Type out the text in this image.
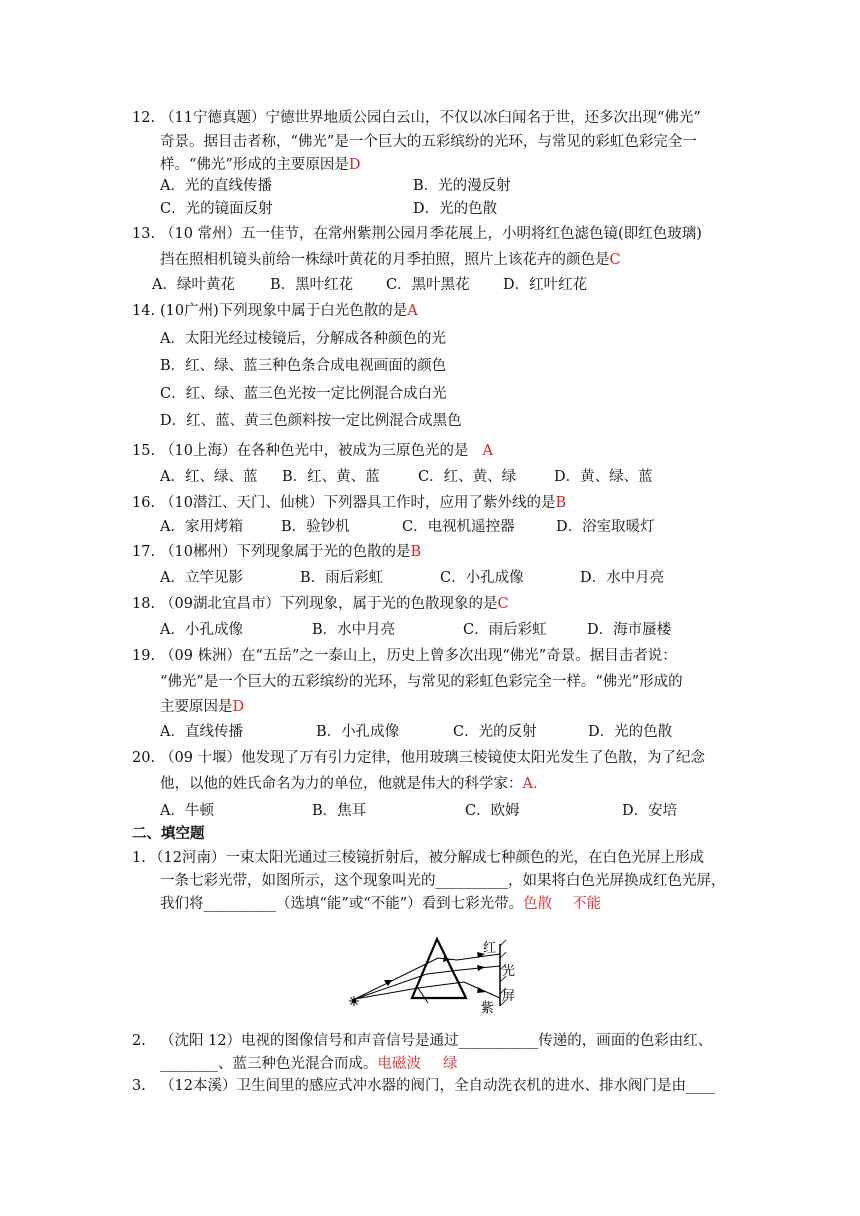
12. （11宁德真题）宁德世界地质公园白云山，不仅以冰臼闻名于世，还多次出现“佛光”
奇景。据目击者称，“佛光”是一个巨大的五彩缤纷的光环，与常见的彩虹色彩完全一
样。“佛光”形成的主要原因是D
A．光的直线传播	B．光的漫反射
C．光的镜面反射	D．光的色散
13. （10 常州）五一佳节，在常州紫荆公园月季花展上，小明将红色滤色镜(即红色玻璃)
挡在照相机镜头前给一株绿叶黄花的月季拍照，照片上该花卉的颜色是C
A．绿叶黄花 B．黑叶红花 C．黑叶黑花 D．红叶红花
14. (10广州)下列现象中属于白光色散的是A
A．太阳光经过棱镜后，分解成各种颜色的光
B．红、绿、蓝三种色条合成电视画面的颜色
C．红、绿、蓝三色光按一定比例混合成白光
D．红、蓝、黄三色颜料按一定比例混合成黑色
15. （10上海）在各种色光中，被成为三原色光的是 A
A．红、绿、蓝 B．红、黄、蓝	C．红、黄、绿	D．黄、绿、蓝
16. （10潜江、天门、仙桃）下列器具工作时，应用了紫外线的是B
A．家用烤箱	B．验钞机	C．电视机遥控器	D．浴室取暖灯
17. （10郴州）下列现象属于光的色散的是B
A．立竿见影	B．雨后彩虹	C．小孔成像	D．水中月亮
18. （09湖北宜昌市）下列现象，属于光的色散现象的是C
A．小孔成像	B．水中月亮	C．雨后彩虹	D．海市蜃楼
19. （09 株洲）在“五岳”之一泰山上，历史上曾多次出现“佛光”奇景。据目击者说：
“佛光”是一个巨大的五彩缤纷的光环，与常见的彩虹色彩完全一样。“佛光”形成的
主要原因是D
A．直线传播	B．小孔成像	C．光的反射	D．光的色散
20. （09 十堰）他发现了万有引力定律，他用玻璃三棱镜使太阳光发生了色散，为了纪念
他，以他的姓氏命名为力的单位，他就是伟大的科学家：A.
A．牛顿	B．焦耳	C．欧姆	D．安培
二、填空题
1. （12河南）一束太阳光通过三棱镜折射后，被分解成七种颜色的光，在白色光屏上形成
一条七彩光带，如图所示，这个现象叫光的__________，如果将白色光屏换成红色光屏，
我们将__________（选填“能”或“不能”）看到七彩光带。色散 不能
红
光
屏
紫
2. （沈阳 12）电视的图像信号和声音信号是通过___________传递的，画面的色彩由红、
________、蓝三种色光混合而成。电磁波 绿
3. （12本溪）卫生间里的感应式冲水器的阀门，全自动洗衣机的进水、排水阀门是由____
